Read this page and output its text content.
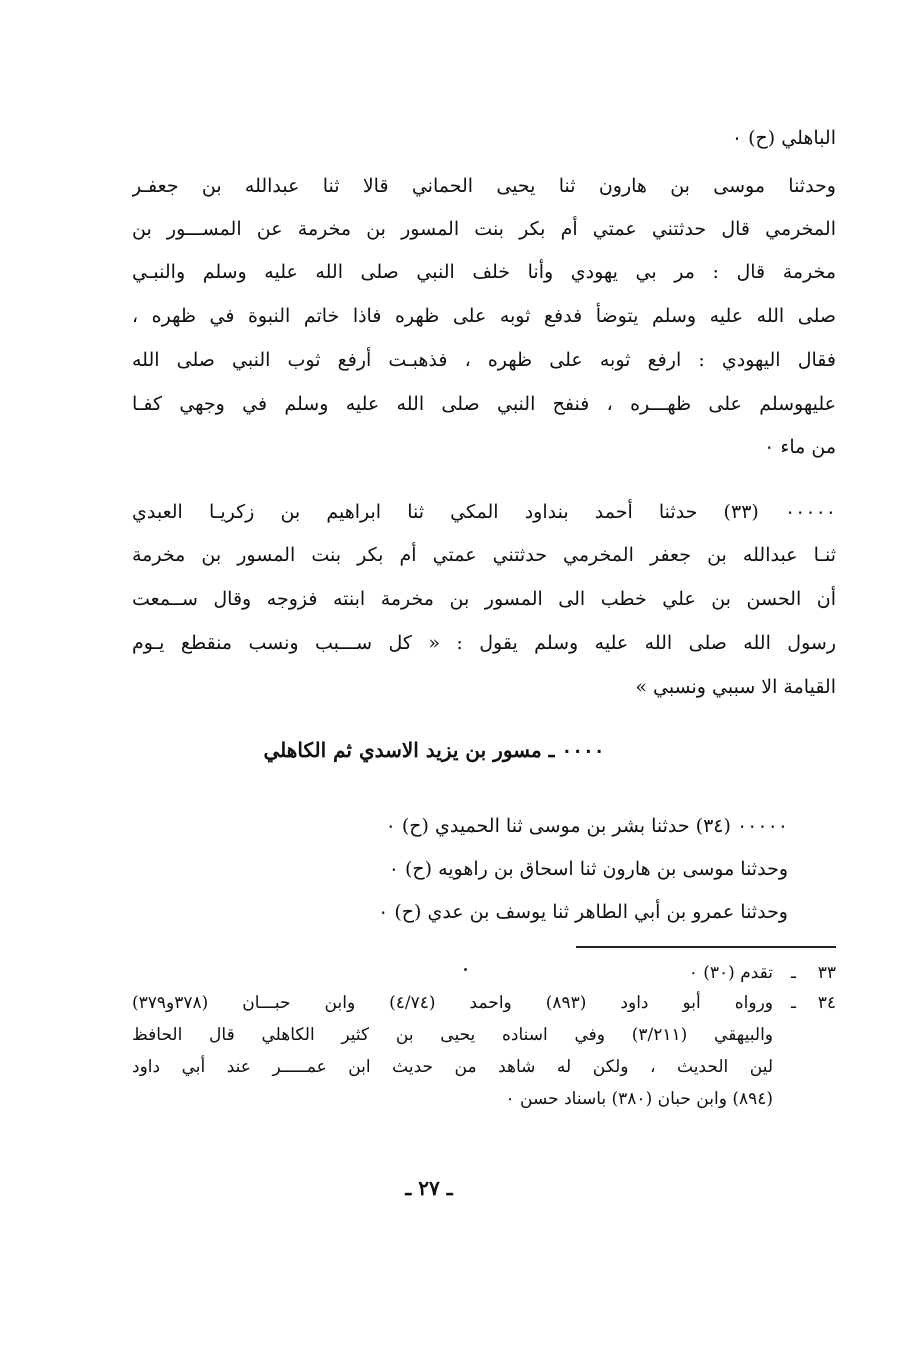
الباهلي (ح) ٠
وحدثنا موسى بن هارون ثنا يحيى الحماني قالا ثنا عبدالله بن جعفـر
المخرمي قال حدثتني عمتي أم بكر بنت المسور بن مخرمة عن المســـور بن
مخرمة قال : مر بي يهودي وأنا خلف النبي صلى الله عليه وسلم والنبـي
صلى الله عليه وسلم يتوضأ فدفع ثوبه على ظهره فاذا خاتم النبوة في ظهره ،
فقال اليهودي : ارفع ثوبه على ظهره ، فذهبـت أرفع ثوب النبي صلى الله
عليهوسلم على ظهـــره ، فنفح النبي صلى الله عليه وسلم في وجهي كفـا
من ماء ٠
٠٠٠٠٠ (٣٣) حدثنا أحمد بنداود المكي ثنا ابراهيم بن زكريـا العبدي
ثنـا عبدالله بن جعفر المخرمي حدثتني عمتي أم بكر بنت المسور بن مخرمة
أن الحسن بن علي خطب الى المسور بن مخرمة ابنته فزوجه وقال ســمعت
رسول الله صلى الله عليه وسلم يقول : « كل ســـبب ونسب منقطع يـوم
القيامة الا سببي ونسبي »
٠٠٠٠ ـ مسور بن يزيد الاسدي ثم الكاهلي
٠٠٠٠٠ (٣٤) حدثنا بشر بن موسى ثنا الحميدي (ح) ٠
وحدثنا موسى بن هارون ثنا اسحاق بن راهويه (ح) ٠
وحدثنا عمرو بن أبي الطاهر ثنا يوسف بن عدي (ح) ٠
٣٣
ـ
تقدم (٣٠) ٠
٣٤
ـ
ورواه أبو داود (٨٩٣) واحمد (٤/٧٤) وابن حبـــان (٣٧٨و٣٧٩)
والبيهقي (٣/٢١١) وفي اسناده يحيى بن كثير الكاهلي قال الحافظ
لين الحديث ، ولكن له شاهد من حديث ابن عمـــــر عند أبي داود
(٨٩٤) وابن حبان (٣٨٠) باسناد حسن ٠
ـ ٢٧ ـ
